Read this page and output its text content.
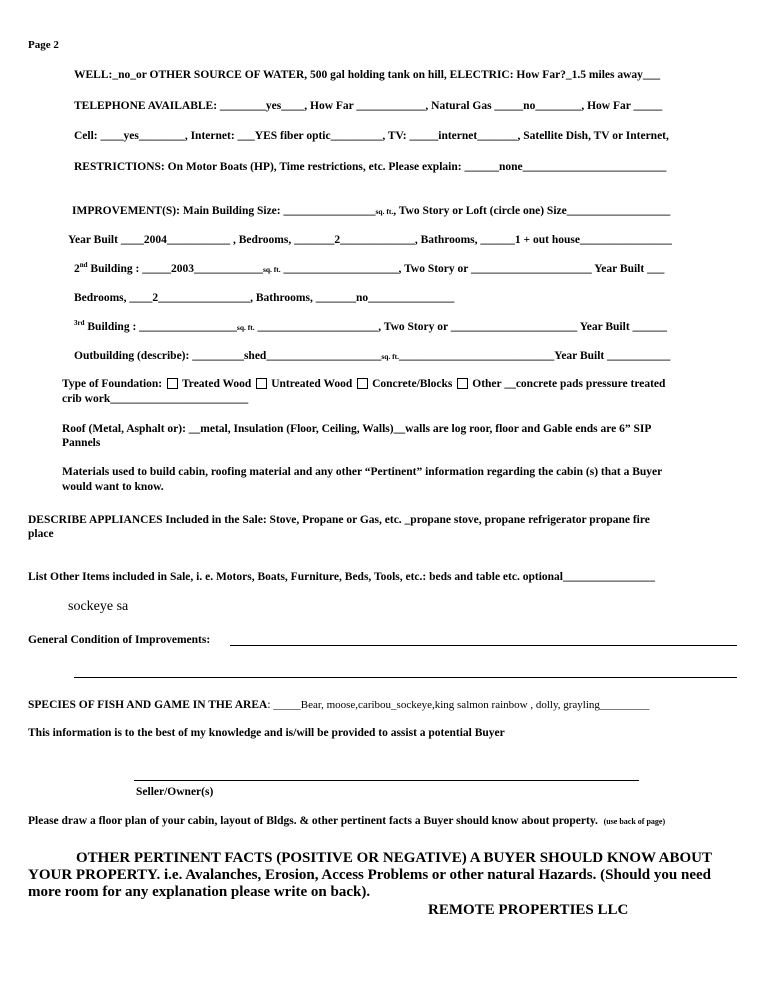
Page 2
WELL:_no_or OTHER SOURCE OF WATER, 500 gal holding tank on hill, ELECTRIC: How Far?_1.5 miles away___
TELEPHONE AVAILABLE: ________yes____, How Far ____________, Natural Gas _____no________, How Far _____
Cell: ____yes________, Internet: ___YES fiber optic_________, TV: _____internet_______, Satellite Dish, TV or Internet,
RESTRICTIONS: On Motor Boats (HP), Time restrictions, etc. Please explain: ______none_________________________
IMPROVEMENT(S): Main Building Size: ________________sq. ft., Two Story or Loft (circle one) Size__________________
Year Built ____2004___________ , Bedrooms, _______2_____________, Bathrooms, ______1 + out house________________
2nd Building : _____2003____________sq. ft. ____________________, Two Story or _____________________ Year Built ___
Bedrooms, ____2________________, Bathrooms, _______no_______________
$^{3rd}$ Building : _________________sq. ft. _____________________, Two Story or ______________________ Year Built ______
Outbuilding (describe): _________shed____________________sq. ft.___________________________Year Built ___________
Type of Foundation: Treated Wood Untreated Wood Concrete/Blocks Other __concrete pads pressure treated
crib work________________________
Roof (Metal, Asphalt or): __metal, Insulation (Floor, Ceiling, Walls)__walls are log roor, floor and Gable ends are 6” SIP
Pannels
Materials used to build cabin, roofing material and any other “Pertinent” information regarding the cabin (s) that a Buyer
would want to know.
DESCRIBE APPLIANCES Included in the Sale: Stove, Propane or Gas, etc. _propane stove, propane refrigerator propane fire
place
List Other Items included in Sale, i. e. Motors, Boats, Furniture, Beds, Tools, etc.: beds and table etc. optional________________
sockeye sa
General Condition of Improvements:
SPECIES OF FISH AND GAME IN THE AREA: _____Bear, moose,caribou_sockeye,king salmon rainbow , dolly, grayling_________
This information is to the best of my knowledge and is/will be provided to assist a potential Buyer
Seller/Owner(s)
Please draw a floor plan of your cabin, layout of Bldgs. & other pertinent facts a Buyer should know about property. (use back of page)
OTHER PERTINENT FACTS (POSITIVE OR NEGATIVE) A BUYER SHOULD KNOW ABOUT
YOUR PROPERTY. i.e. Avalanches, Erosion, Access Problems or other natural Hazards. (Should you need
more room for any explanation please write on back).
REMOTE PROPERTIES LLC
